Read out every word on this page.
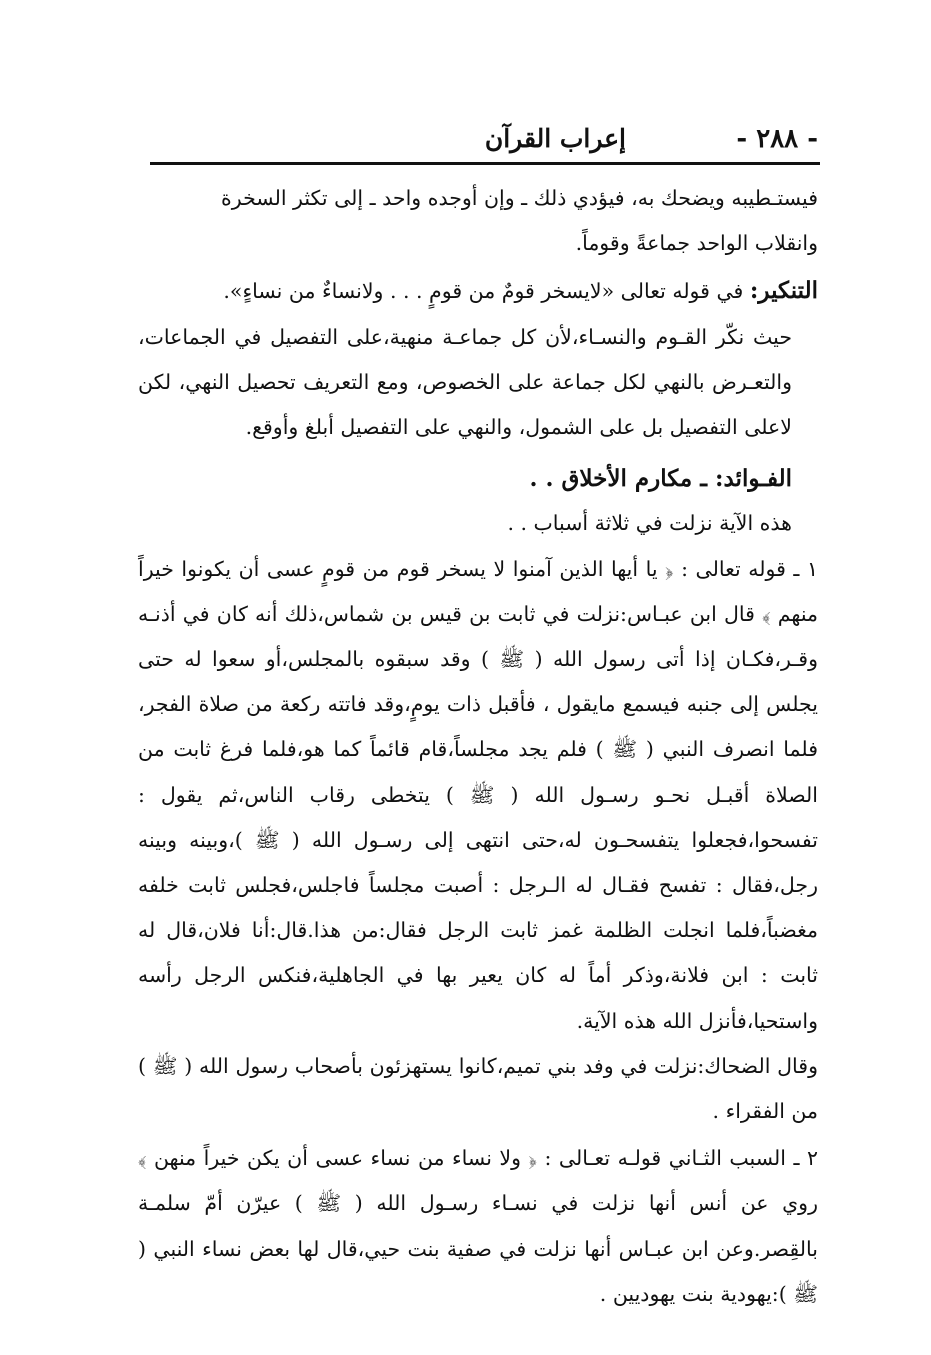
- ٢٨٨ -
إعراب القرآن

فيستـطيبه ويضحك به، فيؤدي ذلك ـ وإن أوجده واحد ـ إلى تكثر السخرة
وانقلاب الواحد جماعةً وقوماً.

التنكير: في قوله تعالى «لايسخر قومٌ من قومٍ . . . ولانساءٌ من نساءٍ».

حيث نكّر القـوم والنسـاء،لأن كل جماعـة منهية،على التفصيل في الجماعات، والتعـرض بالنهي لكل جماعة على الخصوص، ومع التعريف تحصيل النهي، لكن لاعلى التفصيل بل على الشمول، والنهي على التفصيل أبلغ وأوقع.

الفـوائد: ـ مكارم الأخلاق . .

هذه الآية نزلت في ثلاثة أسباب . .

١ ـ قوله تعالى : ﴿ يا أيها الذين آمنوا لا يسخر قوم من قومٍ عسى أن يكونوا خيراً منهم ﴾ قال ابن عبـاس:نزلت في ثابت بن قيس بن شماس،ذلك أنه كان في أذنـه وقـر،فكـان إذا أتى رسول الله ( ﷺ ) وقد سبقوه بالمجلس،أو سعوا له حتى يجلس إلى جنبه فيسمع مايقول ، فأقبل ذات يومٍ،وقد فاتته ركعة من صلاة الفجر، فلما انصرف النبي ( ﷺ ) فلم يجد مجلساً،قام قائماً كما هو،فلما فرغ ثابت من الصلاة أقبـل نحـو رسـول الله ( ﷺ ) يتخطى رقاب الناس،ثم يقول : تفسحوا،فجعلوا يتفسحـون له،حتى انتهى إلى رسـول الله ( ﷺ )،وبينه وبينه رجل،فقال : تفسح فقـال له الـرجل : أصبت مجلساً فاجلس،فجلس ثابت خلفه مغضباً،فلما انجلت الظلمة غمز ثابت الرجل فقال:من هذا.قال:أنا فلان،قال له ثابت : ابن فلانة،وذكر أماً له كان يعير بها في الجاهلية،فنكس الرجل رأسه واستحيا،فأنزل الله هذه الآية.

وقال الضحاك:نزلت في وفد بني تميم،كانوا يستهزئون بأصحاب رسول الله ( ﷺ ) من الفقراء .

٢ ـ السبب الثـاني قولـه تعـالى : ﴿ ولا نساء من نساء عسى أن يكن خيراً منهن ﴾ روي عن أنس أنها نزلت في نسـاء رسـول الله ( ﷺ ) عيرّن أمّ سلمـة بالقِصر.وعن ابن عبـاس أنها نزلت في صفية بنت حيي،قال لها بعض نساء النبي ( ﷺ ):يهودية بنت يهوديين .
